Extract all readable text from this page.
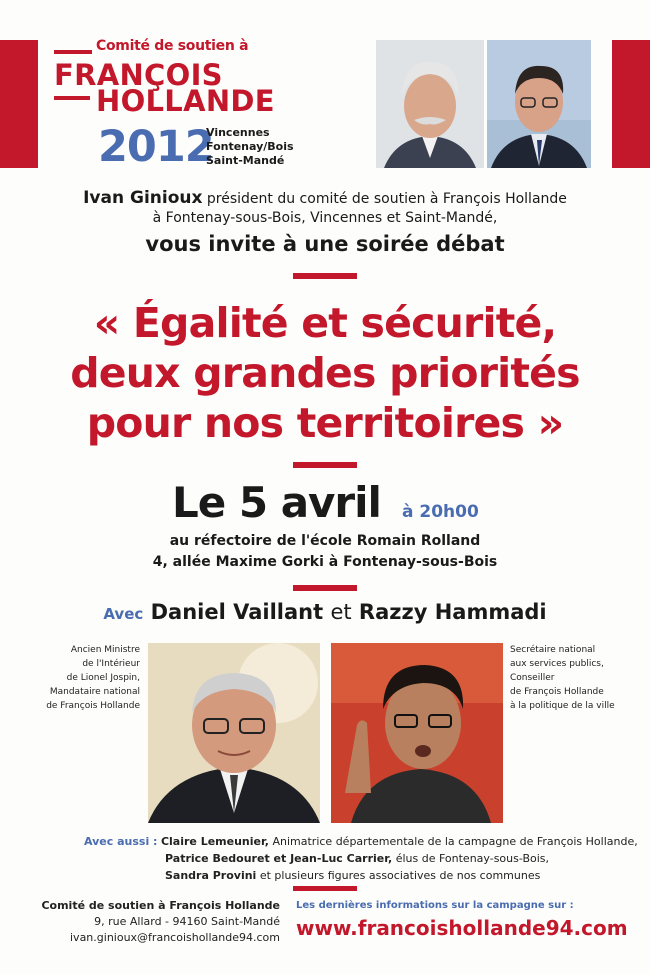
Comité de soutien à
FRANÇOIS
HOLLANDE
2012
Vincennes
Fontenay/Bois
Saint-Mandé
Ivan Ginioux président du comité de soutien à François Hollande
à Fontenay-sous-Bois, Vincennes et Saint-Mandé,
vous invite à une soirée débat
« Égalité et sécurité,
deux grandes priorités
pour nos territoires »
Le 5 avril à 20h00
au réfectoire de l'école Romain Rolland
4, allée Maxime Gorki à Fontenay-sous-Bois
Avec Daniel Vaillant et Razzy Hammadi
Ancien Ministre
de l'Intérieur
de Lionel Jospin,
Mandataire national
de François Hollande
Secrétaire national
aux services publics,
Conseiller
de François Hollande
à la politique de la ville
Avec aussi : Claire Lemeunier, Animatrice départementale de la campagne de François Hollande,
Patrice Bedouret et Jean-Luc Carrier, élus de Fontenay-sous-Bois,
Sandra Provini et plusieurs figures associatives de nos communes
Comité de soutien à François Hollande
9, rue Allard - 94160 Saint-Mandé
ivan.ginioux@francoishollande94.com
Les dernières informations sur la campagne sur :
www.francoishollande94.com
